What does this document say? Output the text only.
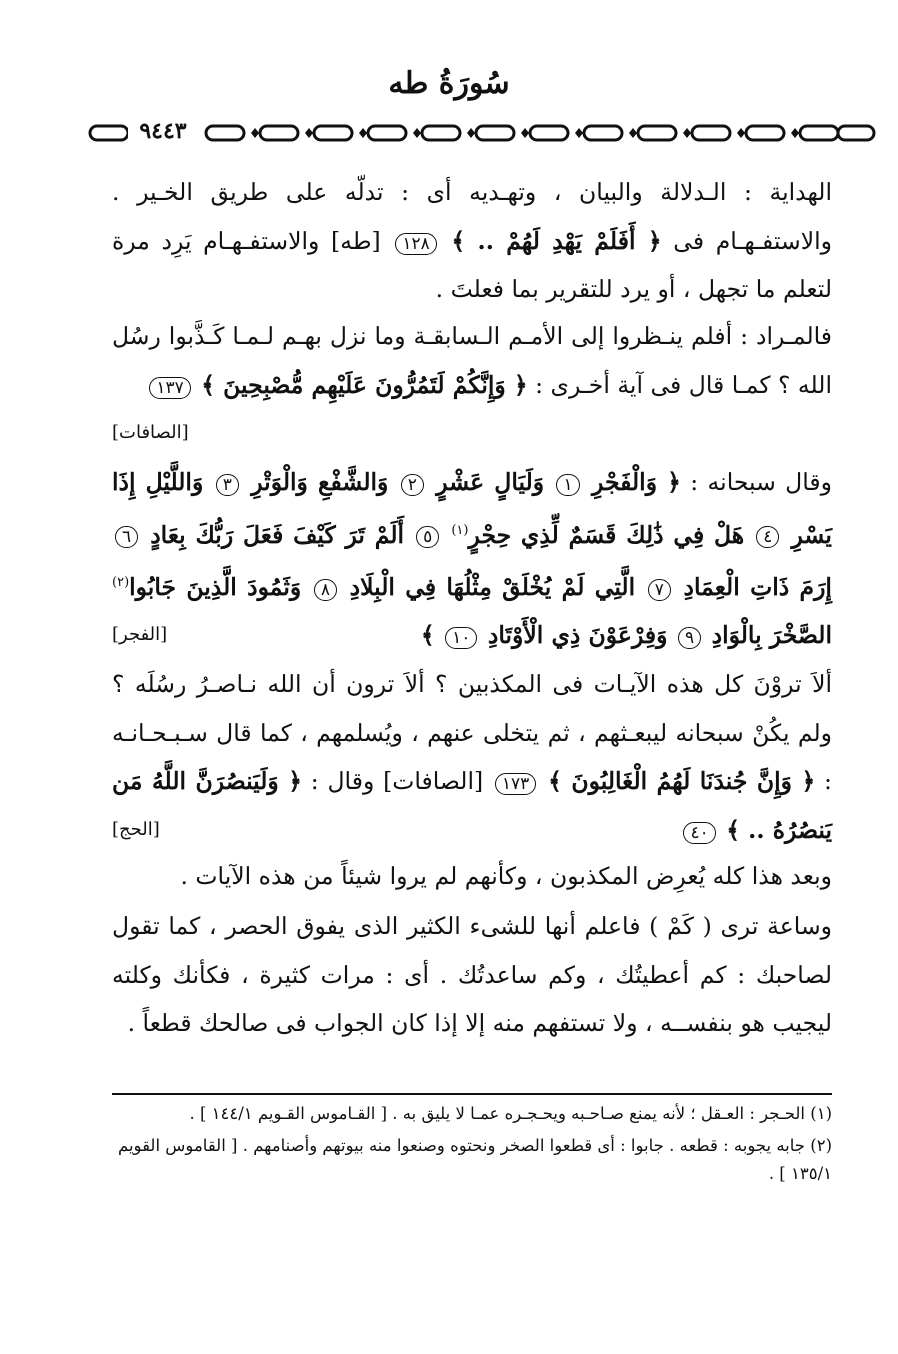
سُورَةُ طه
٩٤٤٣

الهداية : الـدلالة والبيان ، وتهـديه أى : تدلّه على طريق الخـير . والاستفـهـام فى ﴿ أَفَلَمْ يَهْدِ لَهُمْ .. ﴾ ١٢٨ [طه] والاستفـهـام يَرِد مرة لتعلم ما تجهل ، أو يرد للتقرير بما فعلتَ .

فالمـراد : أفلم ينـظروا إلى الأمـم الـسابقـة وما نزل بهـم لـمـا كَـذَّبوا رسُل الله ؟ كمـا قال فى آية أخـرى : ﴿ وَإِنَّكُمْ لَتَمُرُّونَ عَلَيْهِم مُّصْبِحِينَ ﴾ ١٣٧
[الصافات]

وقال سبحانه : ﴿ وَالْفَجْرِ ١ وَلَيَالٍ عَشْرٍ ٢ وَالشَّفْعِ وَالْوَتْرِ ٣ وَاللَّيْلِ إِذَا يَسْرِ ٤ هَلْ فِي ذَٰلِكَ قَسَمٌ لِّذِي حِجْرٍ$^{(١)}$ ٥ أَلَمْ تَرَ كَيْفَ فَعَلَ رَبُّكَ بِعَادٍ ٦ إِرَمَ ذَاتِ الْعِمَادِ ٧ الَّتِي لَمْ يُخْلَقْ مِثْلُهَا فِي الْبِلَادِ ٨ وَثَمُودَ الَّذِينَ جَابُوا$^{(٢)}$ الصَّخْرَ بِالْوَادِ ٩ وَفِرْعَوْنَ ذِي الْأَوْتَادِ ١٠ ﴾
[الفجر]

ألاَ تروْنَ كل هذه الآيـات فى المكذبين ؟ ألاَ ترون أن الله نـاصـرُ رسُلَه ؟ ولم يكُنْ سبحانه ليبعـثهم ، ثم يتخلى عنهم ، ويُسلمهم ، كما قال سـبـحـانـه : ﴿ وَإِنَّ جُندَنَا لَهُمُ الْغَالِبُونَ ﴾ ١٧٣ [الصافات] وقال : ﴿ وَلَيَنصُرَنَّ اللَّهُ مَن يَنصُرُهُ .. ﴾ ٤٠
[الحج]

وبعد هذا كله يُعرِض المكذبون ، وكأنهم لم يروا شيئاً من هذه الآيات .

وساعة ترى ( كَمْ ) فاعلم أنها للشىء الكثير الذى يفوق الحصر ، كما تقول لصاحبك : كم أعطيتُك ، وكم ساعدتُك . أى : مرات كثيرة ، فكأنك وكلته ليجيب هو بنفســه ، ولا تستفهم منه إلا إذا كان الجواب فى صالحك قطعاً .

(١) الحـجر : العـقل ؛ لأنه يمنع صـاحـبه ويحـجـره عمـا لا يليق به . [ القـاموس القـويم ١٤٤/١ ] .

(٢) جابه يجوبه : قطعه . جابوا : أى قطعوا الصخر ونحتوه وصنعوا منه بيوتهم وأصنامهم . [ القاموس القويم ١٣٥/١ ] .
